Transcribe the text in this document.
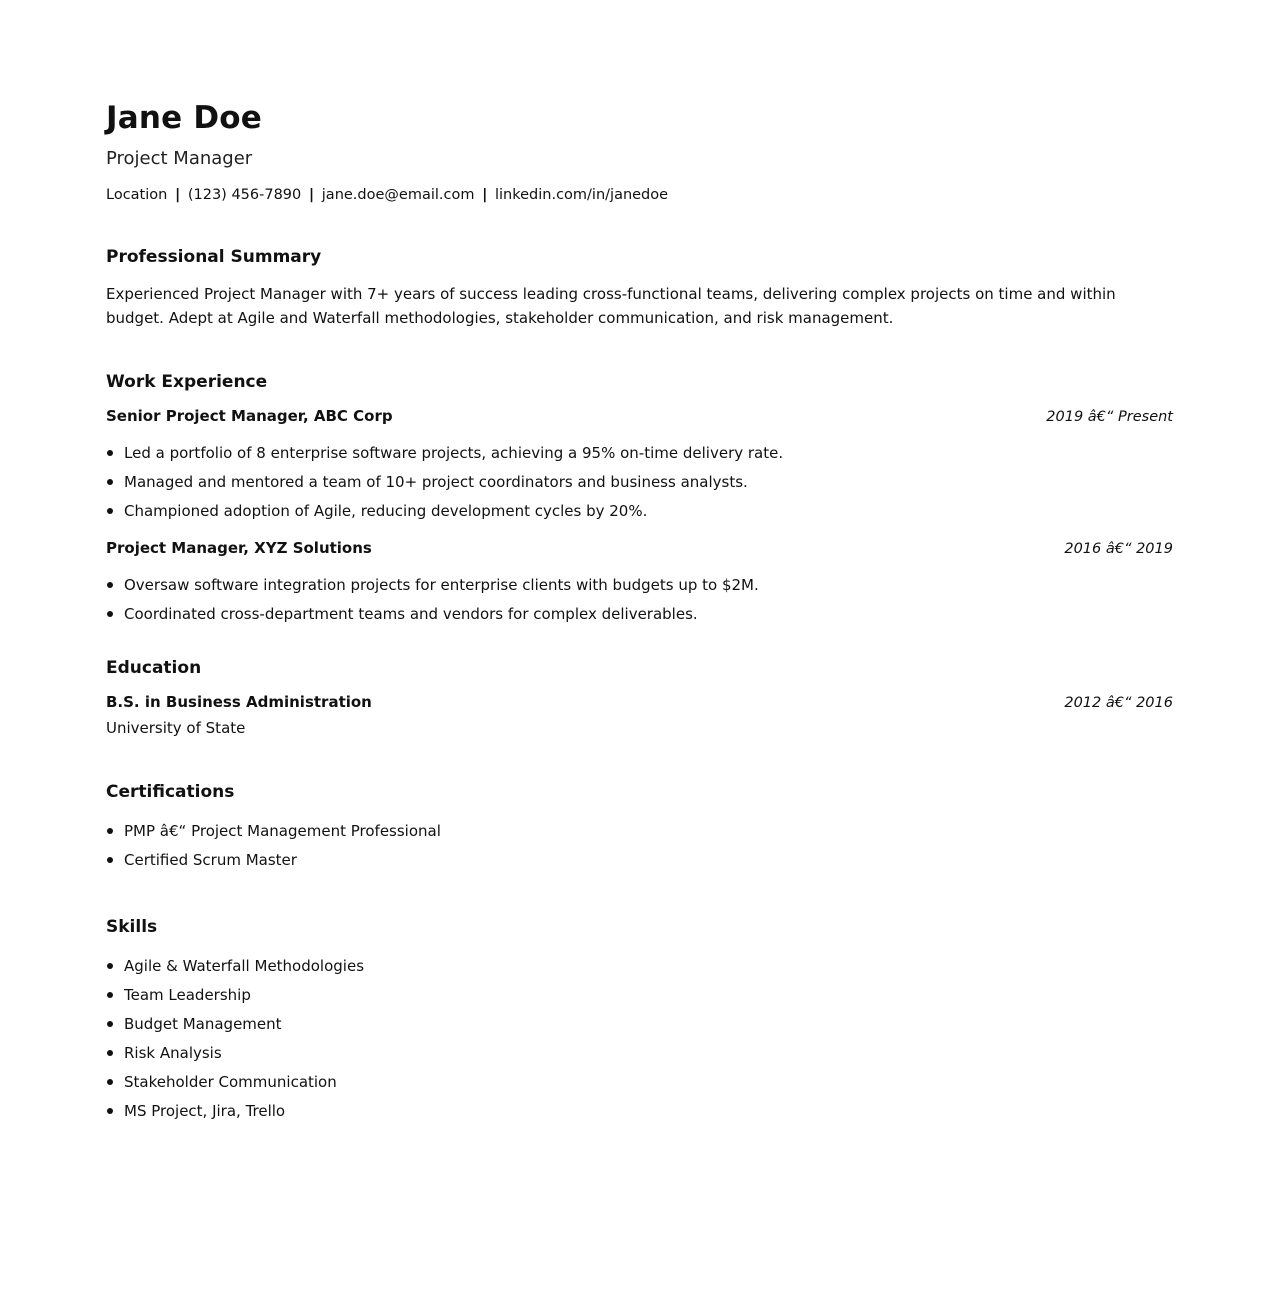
Jane Doe
Project Manager
Location | (123) 456-7890 | jane.doe@email.com | linkedin.com/in/janedoe
Professional Summary
Experienced Project Manager with 7+ years of success leading cross-functional teams, delivering complex projects on time and within budget. Adept at Agile and Waterfall methodologies, stakeholder communication, and risk management.
Work Experience
Senior Project Manager, ABC Corp	2019 â€“ Present
Led a portfolio of 8 enterprise software projects, achieving a 95% on-time delivery rate.
Managed and mentored a team of 10+ project coordinators and business analysts.
Championed adoption of Agile, reducing development cycles by 20%.
Project Manager, XYZ Solutions	2016 â€“ 2019
Oversaw software integration projects for enterprise clients with budgets up to $2M.
Coordinated cross-department teams and vendors for complex deliverables.
Education
B.S. in Business Administration	2012 â€“ 2016
University of State
Certifications
PMP â€“ Project Management Professional
Certified Scrum Master
Skills
Agile & Waterfall Methodologies
Team Leadership
Budget Management
Risk Analysis
Stakeholder Communication
MS Project, Jira, Trello
